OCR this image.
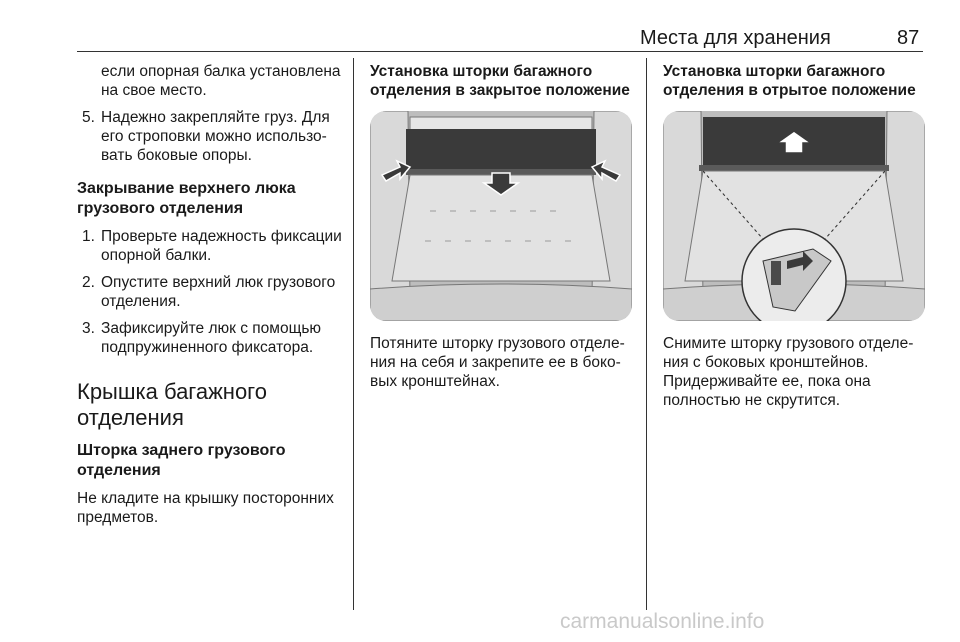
Места для хранения	87

если опорная балка установлена на свое место.

5. Надежно закрепляйте груз. Для его строповки можно использовать боковые опоры.
Закрывание верхнего люка грузового отделения
1. Проверьте надежность фиксации опорной балки.
2. Опустите верхний люк грузового отделения.
3. Зафиксируйте люк с помощью подпружиненного фиксатора.
Крышка багажного отделения
Шторка заднего грузового отделения

Не кладите на крышку посторонних предметов.

Установка шторки багажного отделения в закрытое положение

Потяните шторку грузового отделения на себя и закрепите ее в боковых кронштейнах.

Установка шторки багажного отделения в отрытое положение

Снимите шторку грузового отделения с боковых кронштейнов. Придерживайте ее, пока она полностью не скрутится.

carmanualsonline.info
